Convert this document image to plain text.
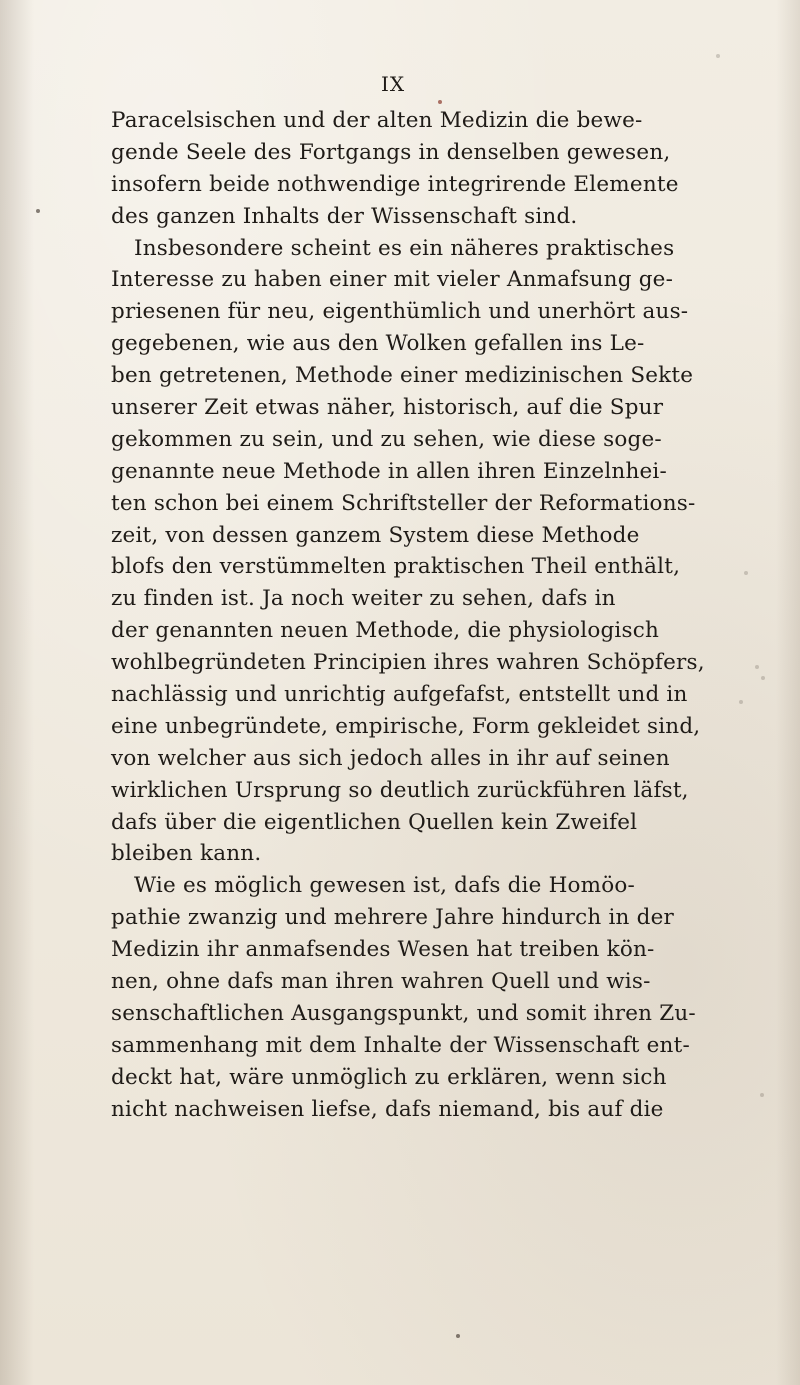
IX
Paracelsischen und der alten Medizin die bewe-
gende Seele des Fortgangs in denselben gewesen,
insofern beide nothwendige integrirende Elemente
des ganzen Inhalts der Wissenschaft sind.
Insbesondere scheint es ein näheres praktisches
Interesse zu haben einer mit vieler Anmafsung ge-
priesenen für neu, eigenthümlich und unerhört aus-
gegebenen, wie aus den Wolken gefallen ins Le-
ben getretenen, Methode einer medizinischen Sekte
unserer Zeit etwas näher, historisch, auf die Spur
gekommen zu sein, und zu sehen, wie diese soge-
genannte neue Methode in allen ihren Einzelnhei-
ten schon bei einem Schriftsteller der Reformations-
zeit, von dessen ganzem System diese Methode
blofs den verstümmelten praktischen Theil enthält,
zu finden ist. Ja noch weiter zu sehen, dafs in
der genannten neuen Methode, die physiologisch
wohlbegründeten Principien ihres wahren Schöpfers,
nachlässig und unrichtig aufgefafst, entstellt und in
eine unbegründete, empirische, Form gekleidet sind,
von welcher aus sich jedoch alles in ihr auf seinen
wirklichen Ursprung so deutlich zurückführen läfst,
dafs über die eigentlichen Quellen kein Zweifel
bleiben kann.
Wie es möglich gewesen ist, dafs die Homöo-
pathie zwanzig und mehrere Jahre hindurch in der
Medizin ihr anmafsendes Wesen hat treiben kön-
nen, ohne dafs man ihren wahren Quell und wis-
senschaftlichen Ausgangspunkt, und somit ihren Zu-
sammenhang mit dem Inhalte der Wissenschaft ent-
deckt hat, wäre unmöglich zu erklären, wenn sich
nicht nachweisen liefse, dafs niemand, bis auf die
